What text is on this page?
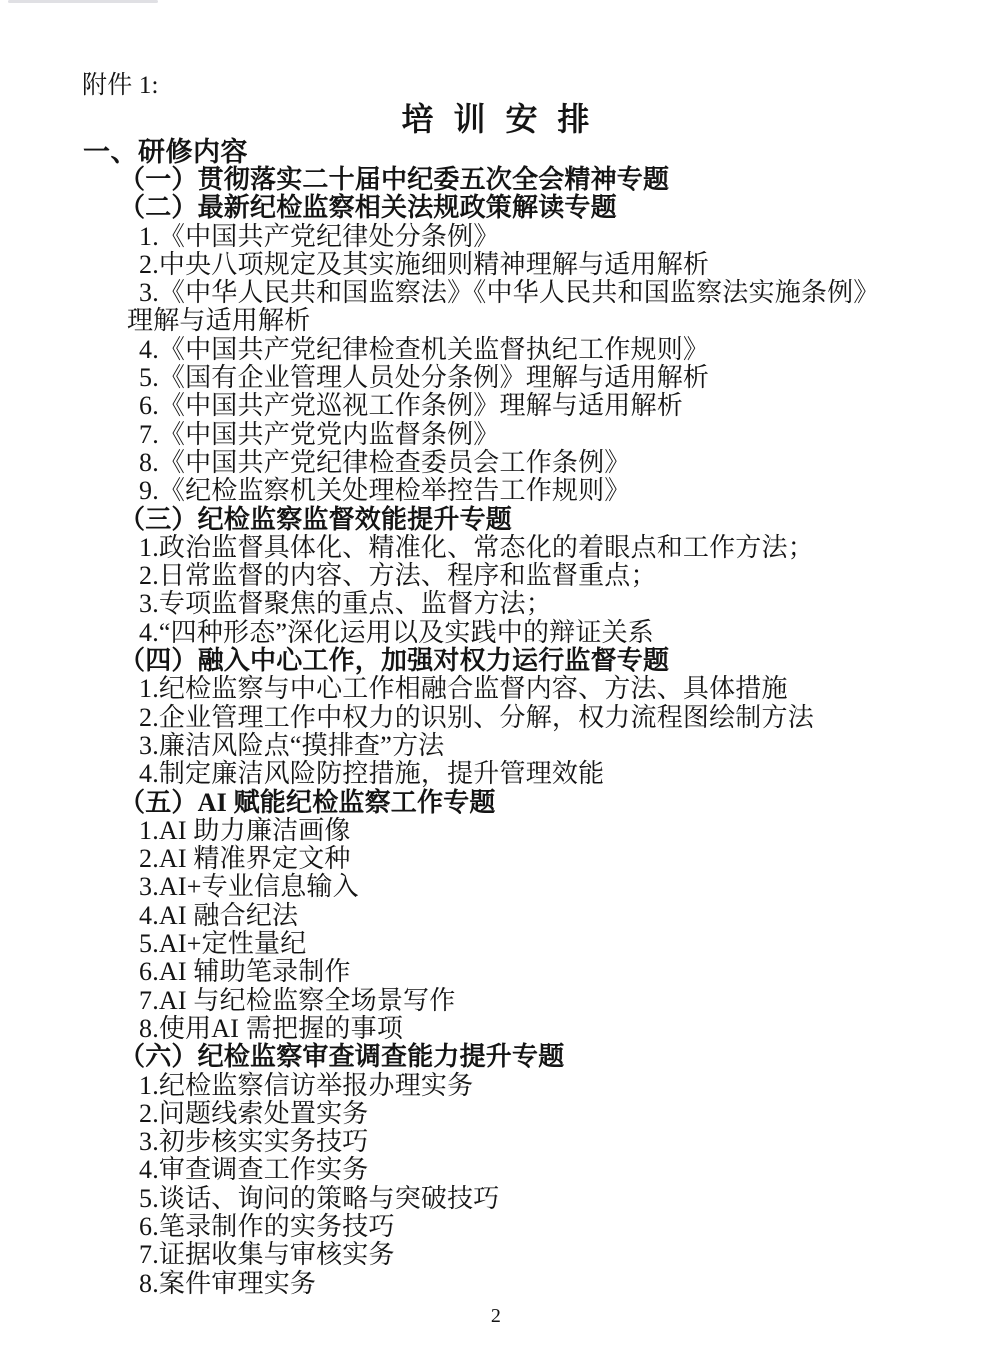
附件 1:
培 训 安 排
一、研修内容
（一）贯彻落实二十届中纪委五次全会精神专题
（二）最新纪检监察相关法规政策解读专题
1.《中国共产党纪律处分条例》
2.中央八项规定及其实施细则精神理解与适用解析
3.《中华人民共和国监察法》《中华人民共和国监察法实施条例》
理解与适用解析
4.《中国共产党纪律检查机关监督执纪工作规则》
5.《国有企业管理人员处分条例》理解与适用解析
6.《中国共产党巡视工作条例》理解与适用解析
7.《中国共产党党内监督条例》
8.《中国共产党纪律检查委员会工作条例》
9.《纪检监察机关处理检举控告工作规则》
（三）纪检监察监督效能提升专题
1.政治监督具体化、精准化、常态化的着眼点和工作方法；
2.日常监督的内容、方法、程序和监督重点；
3.专项监督聚焦的重点、监督方法；
4.“四种形态”深化运用以及实践中的辩证关系
（四）融入中心工作，加强对权力运行监督专题
1.纪检监察与中心工作相融合监督内容、方法、具体措施
2.企业管理工作中权力的识别、分解，权力流程图绘制方法
3.廉洁风险点“摸排查”方法
4.制定廉洁风险防控措施，提升管理效能
（五）AI 赋能纪检监察工作专题
1.AI 助力廉洁画像
2.AI 精准界定文种
3.AI+专业信息输入
4.AI 融合纪法
5.AI+定性量纪
6.AI 辅助笔录制作
7.AI 与纪检监察全场景写作
8.使用AI 需把握的事项
（六）纪检监察审查调查能力提升专题
1.纪检监察信访举报办理实务
2.问题线索处置实务
3.初步核实实务技巧
4.审查调查工作实务
5.谈话、询问的策略与突破技巧
6.笔录制作的实务技巧
7.证据收集与审核实务
8.案件审理实务
2
